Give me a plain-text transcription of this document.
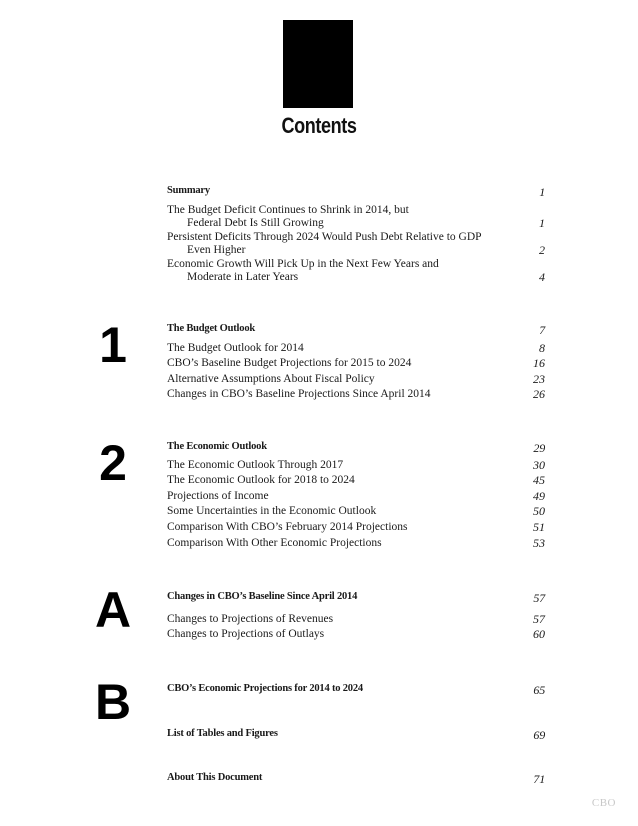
Contents
Summary	1
The Budget Deficit Continues to Shrink in 2014, but
Federal Debt Is Still Growing	1
Persistent Deficits Through 2024 Would Push Debt Relative to GDP
Even Higher	2
Economic Growth Will Pick Up in the Next Few Years and
Moderate in Later Years	4
1	The Budget Outlook	7
The Budget Outlook for 2014	8
CBO’s Baseline Budget Projections for 2015 to 2024	16
Alternative Assumptions About Fiscal Policy	23
Changes in CBO’s Baseline Projections Since April 2014	26
2	The Economic Outlook	29
The Economic Outlook Through 2017	30
The Economic Outlook for 2018 to 2024	45
Projections of Income	49
Some Uncertainties in the Economic Outlook	50
Comparison With CBO’s February 2014 Projections	51
Comparison With Other Economic Projections	53
A	Changes in CBO’s Baseline Since April 2014	57
Changes to Projections of Revenues	57
Changes to Projections of Outlays	60
B	CBO’s Economic Projections for 2014 to 2024	65
List of Tables and Figures	69
About This Document	71
CBO
